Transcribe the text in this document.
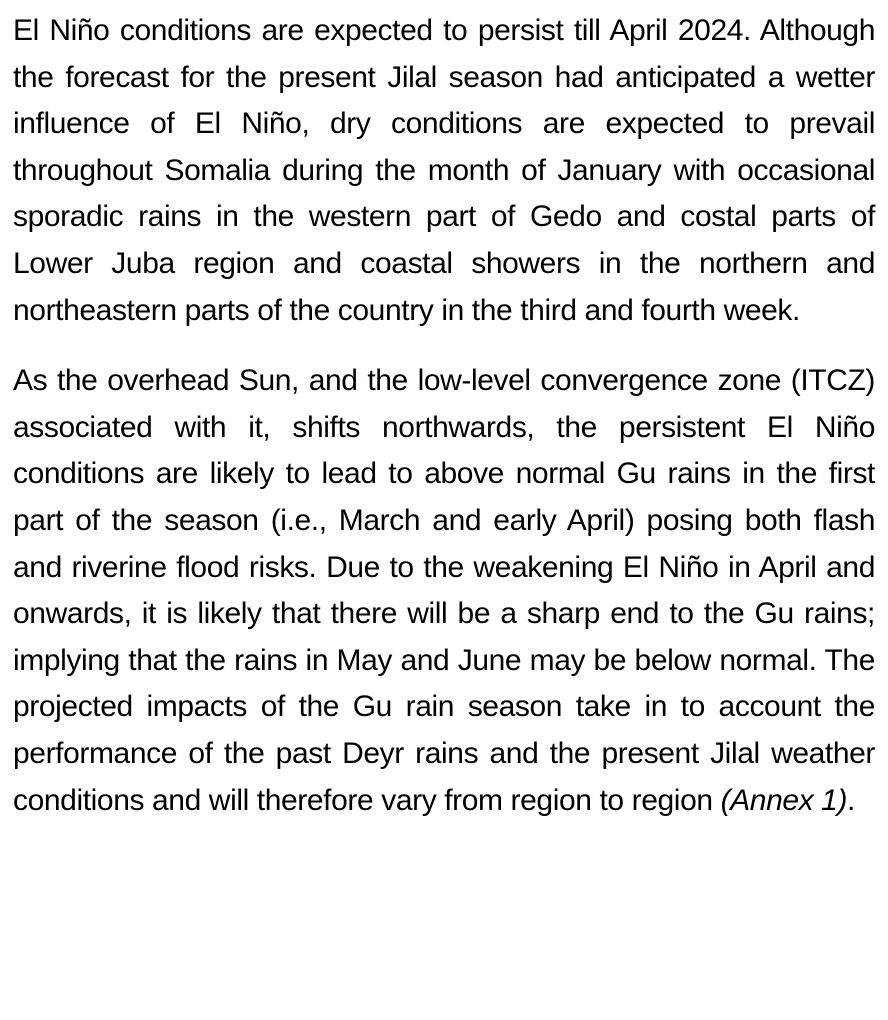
El Niño conditions are expected to persist till April 2024. Although the forecast for the present Jilal season had anticipated a wetter influence of El Niño, dry conditions are expected to prevail throughout Somalia during the month of January with occasional sporadic rains in the western part of Gedo and costal parts of Lower Juba region and coastal showers in the northern and northeastern parts of the country in the third and fourth week.

As the overhead Sun, and the low-level convergence zone (ITCZ) associated with it, shifts northwards, the persistent El Niño conditions are likely to lead to above normal Gu rains in the first part of the season (i.e., March and early April) posing both flash and riverine flood risks. Due to the weakening El Niño in April and onwards, it is likely that there will be a sharp end to the Gu rains; implying that the rains in May and June may be below normal. The projected impacts of the Gu rain season take in to account the performance of the past Deyr rains and the present Jilal weather conditions and will therefore vary from region to region (Annex 1).
